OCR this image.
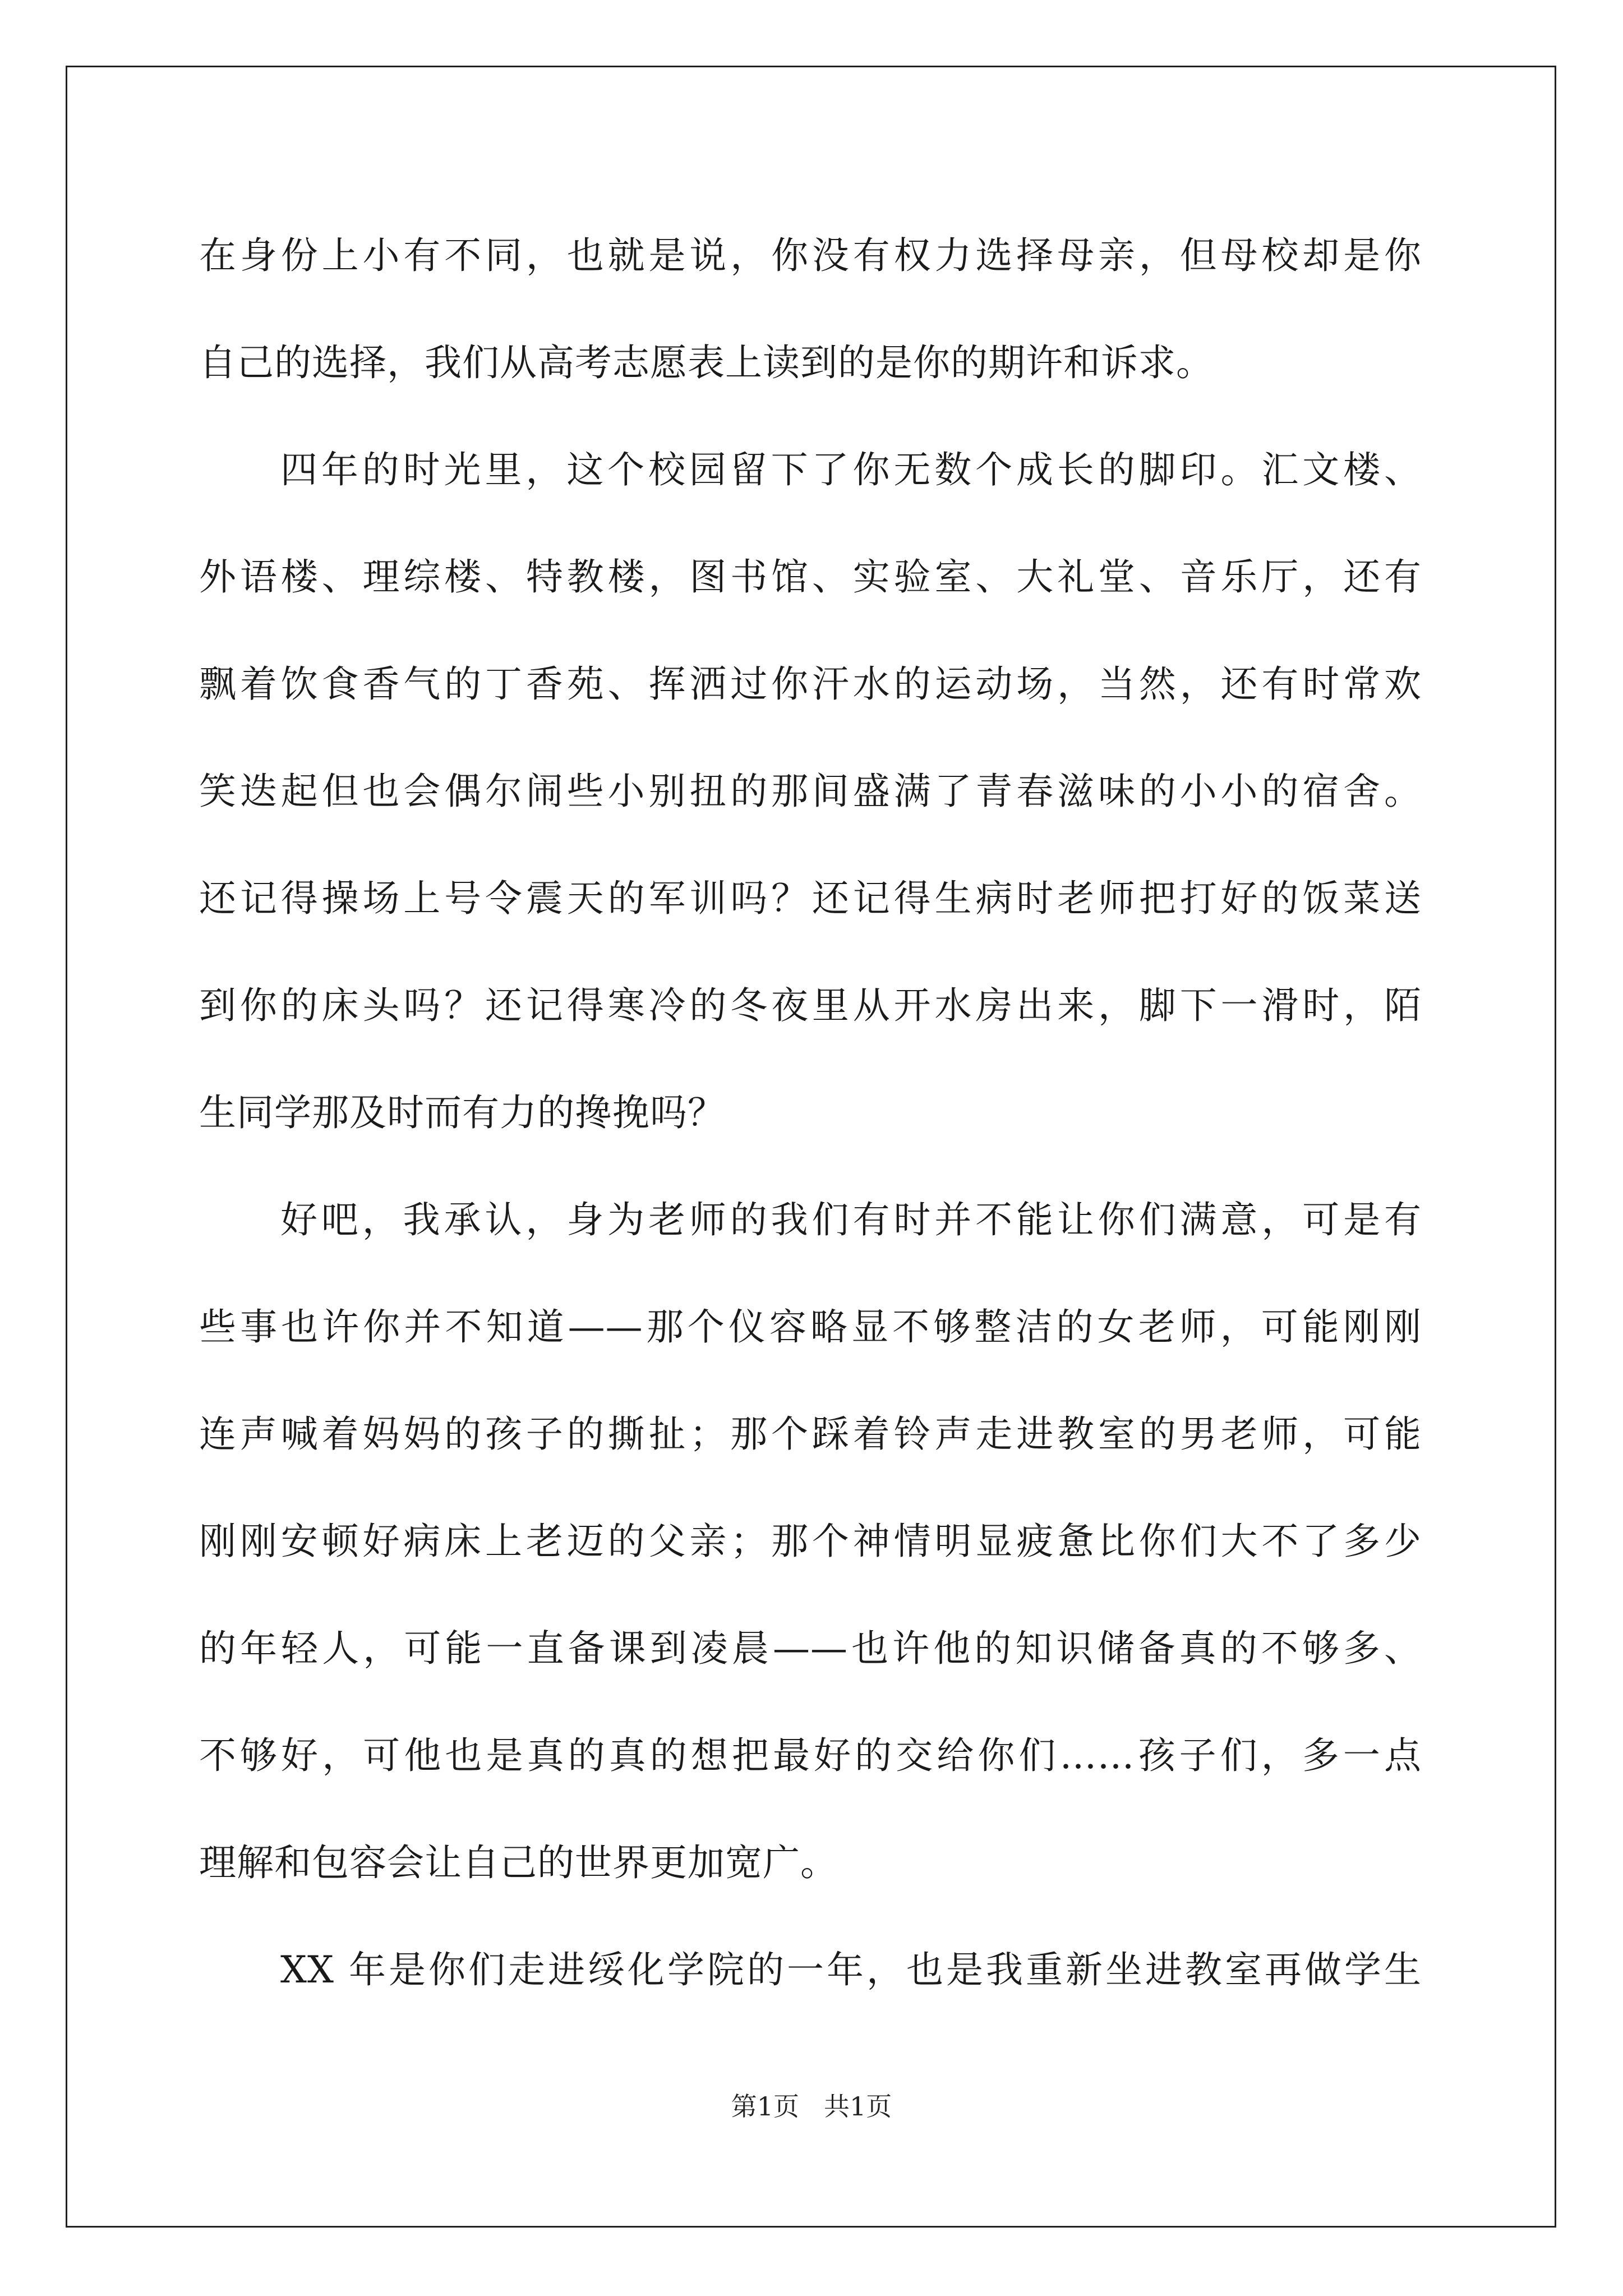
在身份上小有不同，也就是说，你没有权力选择母亲，但母校却是你
自己的选择，我们从高考志愿表上读到的是你的期许和诉求。
四年的时光里，这个校园留下了你无数个成长的脚印。汇文楼、
外语楼、理综楼、特教楼，图书馆、实验室、大礼堂、音乐厅，还有
飘着饮食香气的丁香苑、挥洒过你汗水的运动场，当然，还有时常欢
笑迭起但也会偶尔闹些小别扭的那间盛满了青春滋味的小小的宿舍。
还记得操场上号令震天的军训吗？还记得生病时老师把打好的饭菜送
到你的床头吗？还记得寒冷的冬夜里从开水房出来，脚下一滑时，陌
生同学那及时而有力的搀挽吗？
好吧，我承认，身为老师的我们有时并不能让你们满意，可是有
些事也许你并不知道——那个仪容略显不够整洁的女老师，可能刚刚
连声喊着妈妈的孩子的撕扯；那个踩着铃声走进教室的男老师，可能
刚刚安顿好病床上老迈的父亲；那个神情明显疲惫比你们大不了多少
的年轻人，可能一直备课到凌晨——也许他的知识储备真的不够多、
不够好，可他也是真的真的想把最好的交给你们……孩子们，多一点
理解和包容会让自己的世界更加宽广。
XX 年是你们走进绥化学院的一年，也是我重新坐进教室再做学生
第1页 共1页
